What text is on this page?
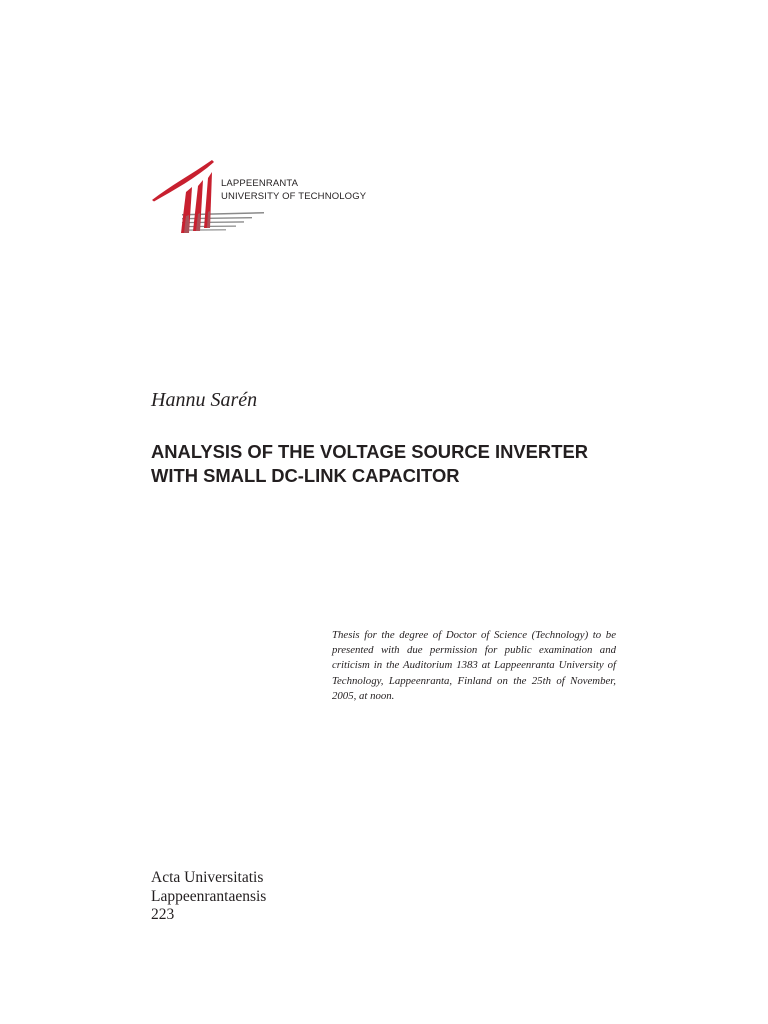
LAPPEENRANTA
UNIVERSITY OF TECHNOLOGY
Hannu Sarén
ANALYSIS OF THE VOLTAGE SOURCE INVERTER
WITH SMALL DC-LINK CAPACITOR
Thesis for the degree of Doctor of Science (Technology) to be presented with due permission for public examination and criticism in the Auditorium 1383 at Lappeenranta University of Technology, Lappeenranta, Finland on the 25th of November, 2005, at noon.
Acta Universitatis
Lappeenrantaensis
223
